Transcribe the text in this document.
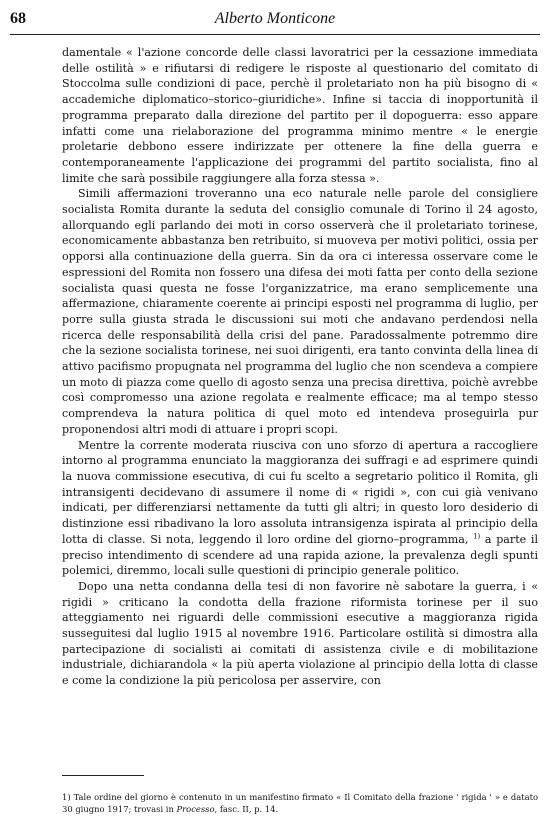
68	Alberto Monticone

damentale « l'azione concorde delle classi lavoratrici per la cessazione immediata delle ostilità » e rifiutarsi di redigere le risposte al questionario del comitato di Stoccolma sulle condizioni di pace, perchè il proletariato non ha più bisogno di « accademiche diplomatico–storico–giuridiche». Infine si taccia di inopportunità il programma preparato dalla direzione del partito per il dopoguerra: esso appare infatti come una rielaborazione del programma minimo mentre « le energie proletarie debbono essere indirizzate per ottenere la fine della guerra e contemporaneamente l'applicazione dei programmi del partito socialista, fino al limite che sarà possibile raggiungere alla forza stessa ».

Simili affermazioni troveranno una eco naturale nelle parole del consigliere socialista Romita durante la seduta del consiglio comunale di Torino il 24 agosto, allorquando egli parlando dei moti in corso osserverà che il proletariato torinese, economicamente abbastanza ben retribuito, si muoveva per motivi politici, ossia per opporsi alla continuazione della guerra. Sin da ora ci interessa osservare come le espressioni del Romita non fossero una difesa dei moti fatta per conto della sezione socialista quasi questa ne fosse l'organizzatrice, ma erano semplicemente una affermazione, chiaramente coerente ai principi esposti nel programma di luglio, per porre sulla giusta strada le discussioni sui moti che andavano perdendosi nella ricerca delle responsabilità della crisi del pane. Paradossalmente potremmo dire che la sezione socialista torinese, nei suoi dirigenti, era tanto convinta della linea di attivo pacifismo propugnata nel programma del luglio che non scendeva a compiere un moto di piazza come quello di agosto senza una precisa direttiva, poichè avrebbe così compromesso una azione regolata e realmente efficace; ma al tempo stesso comprendeva la natura politica di quel moto ed intendeva proseguirla pur proponendosi altri modi di attuare i propri scopi.

Mentre la corrente moderata riusciva con uno sforzo di apertura a raccogliere intorno al programma enunciato la maggioranza dei suffragi e ad esprimere quindi la nuova commissione esecutiva, di cui fu scelto a segretario politico il Romita, gli intransigenti decidevano di assumere il nome di « rigidi », con cui già venivano indicati, per differenziarsi nettamente da tutti gli altri; in questo loro desiderio di distinzione essi ribadivano la loro assoluta intransigenza ispirata al principio della lotta di classe. Si nota, leggendo il loro ordine del giorno–programma, $^{1)}$ a parte il preciso intendimento di scendere ad una rapida azione, la prevalenza degli spunti polemici, diremmo, locali sulle questioni di principio generale politico.

Dopo una netta condanna della tesi di non favorire nè sabotare la guerra, i « rigidi » criticano la condotta della frazione riformista torinese per il suo atteggiamento nei riguardi delle commissioni esecutive a maggioranza rigida susseguitesi dal luglio 1915 al novembre 1916. Particolare ostilità si dimostra alla partecipazione di socialisti ai comitati di assistenza civile e di mobilitazione industriale, dichiarandola « la più aperta violazione al principio della lotta di classe e come la condizione la più pericolosa per asservire, con

1) Tale ordine del giorno è contenuto in un manifestino firmato « Il Comitato della frazione ' rigida ' » e datato 30 giugno 1917; trovasi in Processo, fasc. II, p. 14.
